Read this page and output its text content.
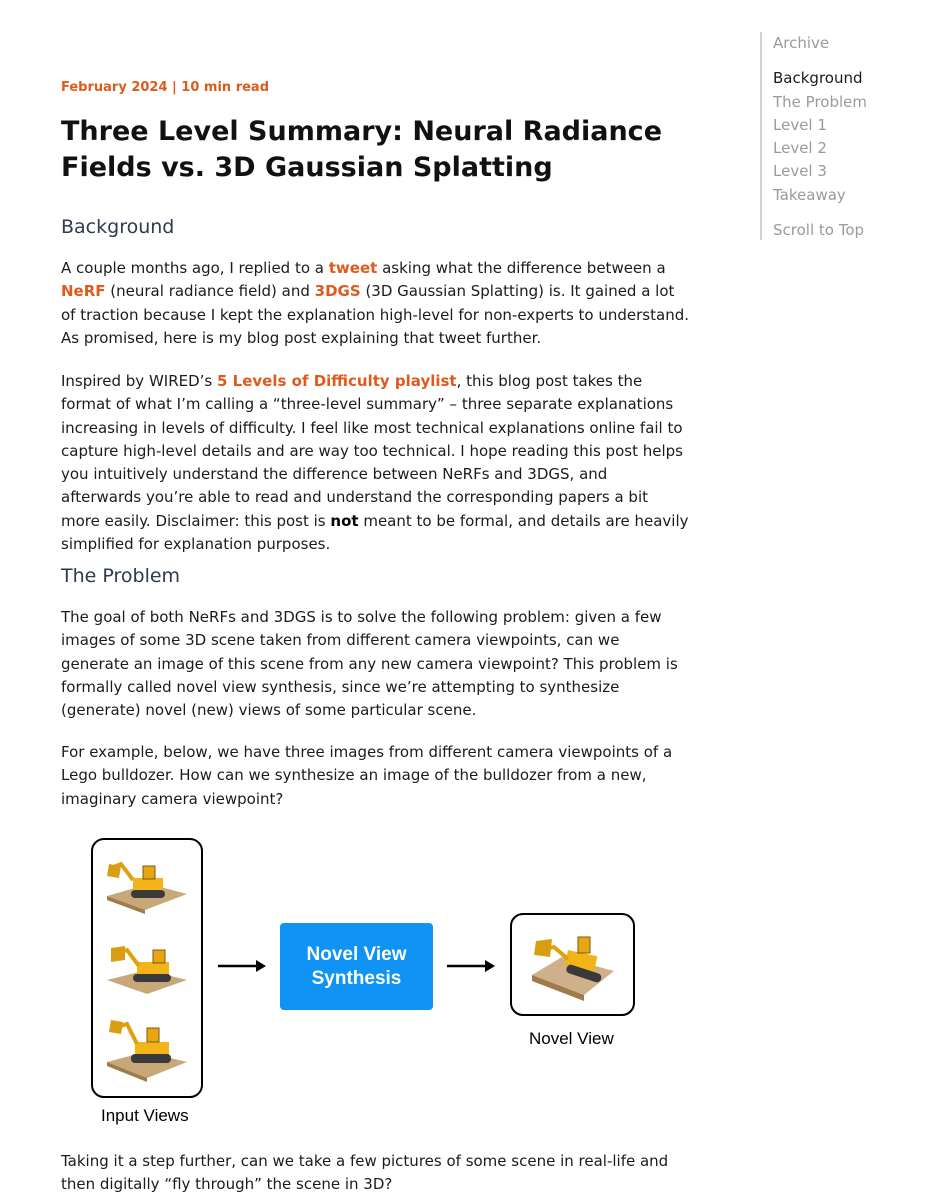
Archive
Background
The Problem
Level 1
Level 2
Level 3
Takeaway
Scroll to Top
February 2024 | 10 min read
Three Level Summary: Neural Radiance Fields vs. 3D Gaussian Splatting
Background

A couple months ago, I replied to a tweet asking what the difference between a NeRF (neural radiance field) and 3DGS (3D Gaussian Splatting) is. It gained a lot of traction because I kept the explanation high-level for non-experts to understand. As promised, here is my blog post explaining that tweet further.

Inspired by WIRED’s 5 Levels of Difficulty playlist, this blog post takes the format of what I’m calling a “three-level summary” – three separate explanations increasing in levels of difficulty. I feel like most technical explanations online fail to capture high-level details and are way too technical. I hope reading this post helps you intuitively understand the difference between NeRFs and 3DGS, and afterwards you’re able to read and understand the corresponding papers a bit more easily. Disclaimer: this post is not meant to be formal, and details are heavily simplified for explanation purposes.

The Problem

The goal of both NeRFs and 3DGS is to solve the following problem: given a few images of some 3D scene taken from different camera viewpoints, can we generate an image of this scene from any new camera viewpoint? This problem is formally called novel view synthesis, since we’re attempting to synthesize (generate) novel (new) views of some particular scene.

For example, below, we have three images from different camera viewpoints of a Lego bulldozer. How can we synthesize an image of the bulldozer from a new, imaginary camera viewpoint?

Taking it a step further, can we take a few pictures of some scene in real-life and then digitally “fly through” the scene in 3D?

Novel View
Synthesis
Input Views
Novel View
